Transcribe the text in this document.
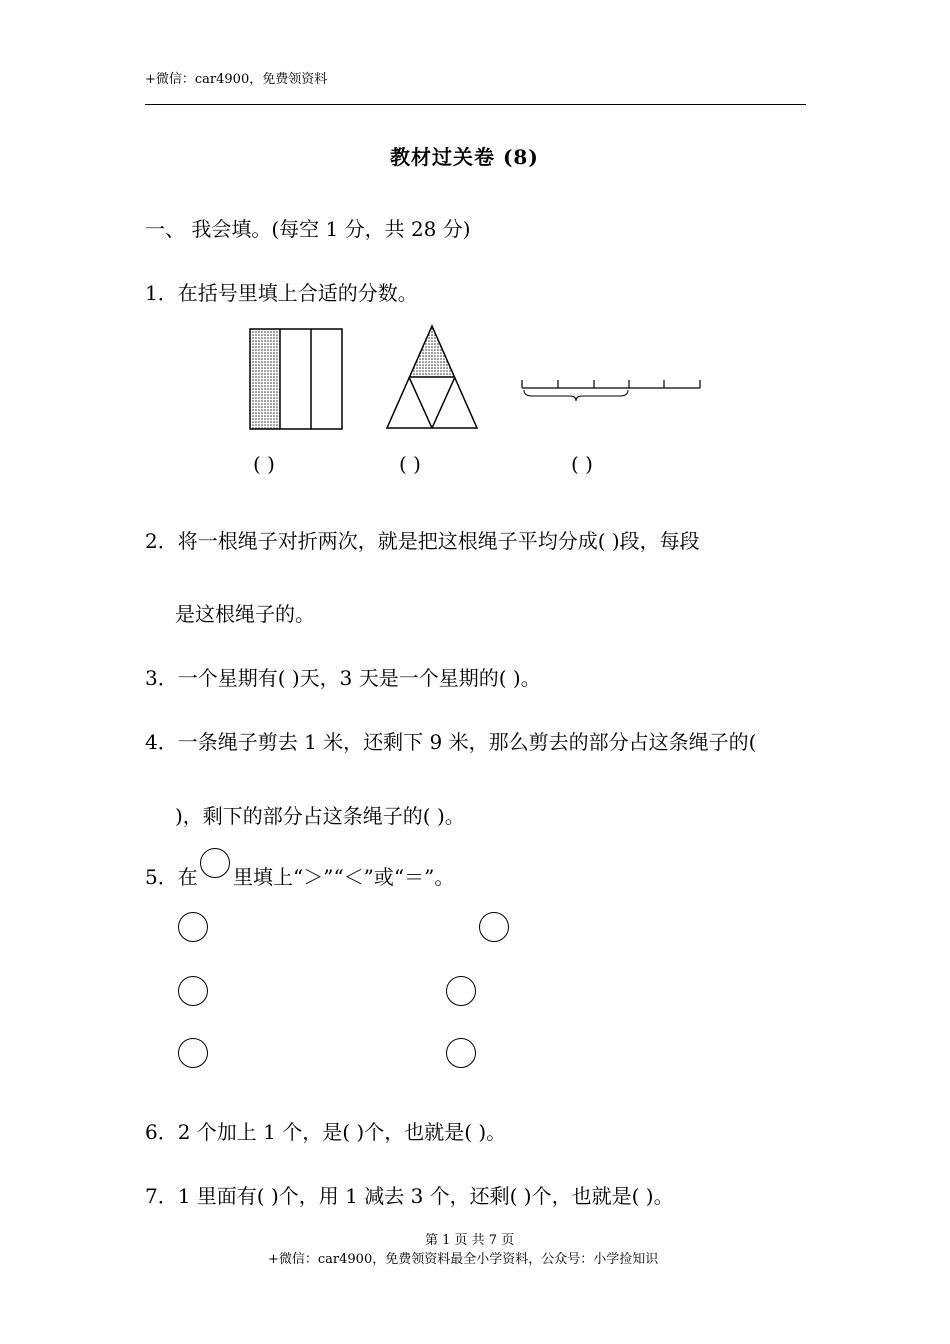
+微信：car4900，免费领资料
教材过关卷 (8)
一、 我会填。(每空 1 分，共 28 分)
1．在括号里填上合适的分数。
( )	( )	( )
2．将一根绳子对折两次，就是把这根绳子平均分成( )段，每段
是这根绳子的。
3．一个星期有( )天，3 天是一个星期的( )。
4．一条绳子剪去 1 米，还剩下 9 米，那么剪去的部分占这条绳子的(
)，剩下的部分占这条绳子的( )。
5．在 里填上“＞”“＜”或“＝”。
6．2 个加上 1 个，是( )个，也就是( )。
7．1 里面有( )个，用 1 减去 3 个，还剩( )个，也就是( )。
第 1 页 共 7 页
+微信：car4900，免费领资料最全小学资料，公众号：小学捡知识
